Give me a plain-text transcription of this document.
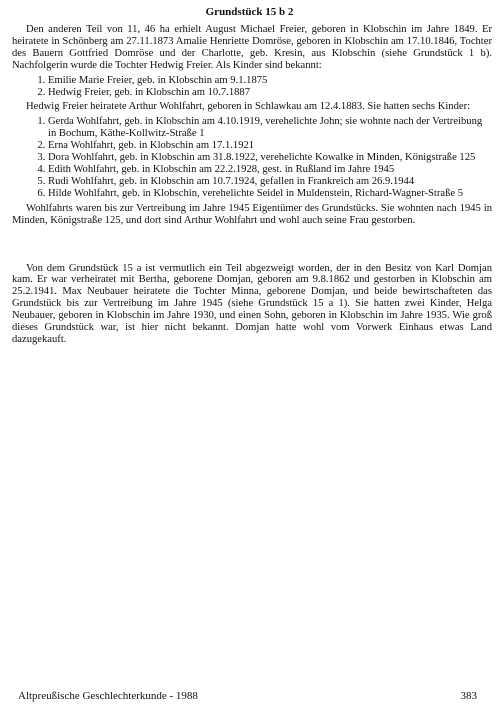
Grundstück 15 b 2

Den anderen Teil von 11, 46 ha erhielt August Michael Freier, geboren in Klobschin im Jahre 1849. Er heiratete in Schönberg am 27.11.1873 Amalie Henriette Domröse, geboren in Klobschin am 17.10.1846, Tochter des Bauern Gottfried Domröse und der Charlotte, geb. Kresin, aus Klobschin (siehe Grundstück 1 b). Nachfolgerin wurde die Tochter Hedwig Freier. Als Kinder sind bekannt:

1. Emilie Marie Freier, geb. in Klobschin am 9.1.1875
2. Hedwig Freier, geb. in Klobschin am 10.7.1887

Hedwig Freier heiratete Arthur Wohlfahrt, geboren in Schlawkau am 12.4.1883. Sie hatten sechs Kinder:

1. Gerda Wohlfahrt, geb. in Klobschin am 4.10.1919, verehelichte John; sie wohnte nach der Vertreibung in Bochum, Käthe-Kollwitz-Straße 1
2. Erna Wohlfahrt, geb. in Klobschin am 17.1.1921
3. Dora Wohlfahrt, geb. in Klobschin am 31.8.1922, verehelichte Kowalke in Minden, Königstraße 125
4. Edith Wohlfahrt, geb. in Klobschin am 22.2.1928, gest. in Rußland im Jahre 1945
5. Rudi Wohlfahrt, geb. in Klobschin am 10.7.1924, gefallen in Frankreich am 26.9.1944
6. Hilde Wohlfahrt, geb. in Klobschin, verehelichte Seidel in Muldenstein, Richard-Wagner-Straße 5

Wohlfahrts waren bis zur Vertreibung im Jahre 1945 Eigentümer des Grundstücks. Sie wohnten nach 1945 in Minden, Königstraße 125, und dort sind Arthur Wohlfahrt und wohl auch seine Frau gestorben.

Von dem Grundstück 15 a ist vermutlich ein Teil abgezweigt worden, der in den Besitz von Karl Domjan kam. Er war verheiratet mit Bertha, geborene Domjan, geboren am 9.8.1862 und gestorben in Klobschin am 25.2.1941. Max Neubauer heiratete die Tochter Minna, geborene Domjan, und beide bewirtschafteten das Grundstück bis zur Vertreibung im Jahre 1945 (siehe Grundstück 15 a 1). Sie hatten zwei Kinder, Helga Neubauer, geboren in Klobschin im Jahre 1930, und einen Sohn, geboren in Klobschin im Jahre 1935. Wie groß dieses Grundstück war, ist hier nicht bekannt. Domjan hatte wohl vom Vorwerk Einhaus etwas Land dazugekauft.

Altpreußische Geschlechterkunde - 1988	383
